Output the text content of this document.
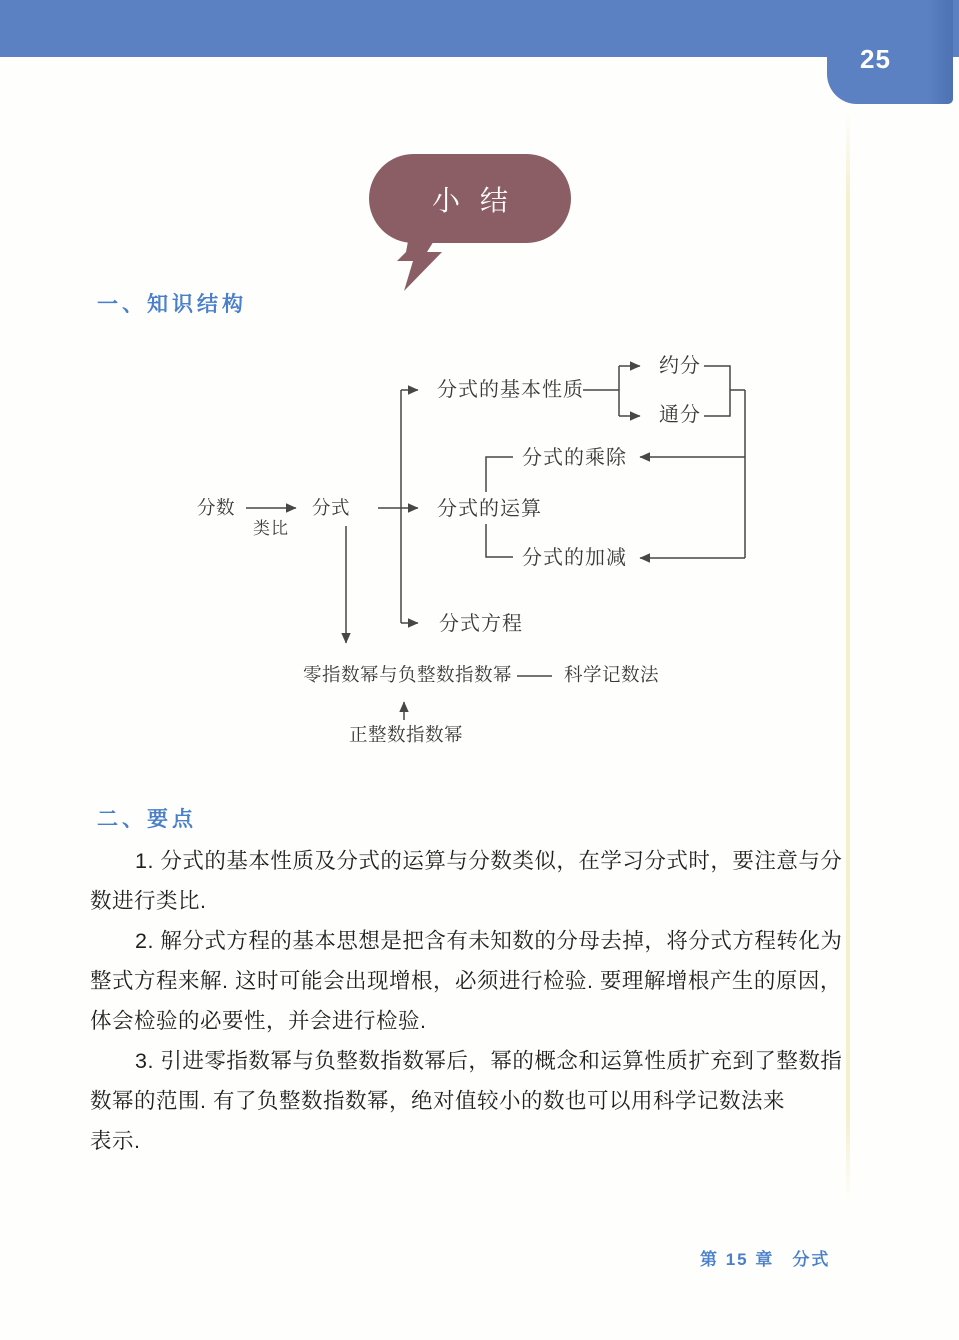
25
小结
一、知识结构
分数
类比
分式
分式的基本性质
约分
通分
分式的乘除
分式的运算
分式的加减
分式方程
零指数幂与负整数指数幂	科学记数法
正整数指数幂
二、要点
1. 分式的基本性质及分式的运算与分数类似，在学习分式时，要注意与分
数进行类比.
2. 解分式方程的基本思想是把含有未知数的分母去掉，将分式方程转化为
整式方程来解. 这时可能会出现增根，必须进行检验. 要理解增根产生的原因，
体会检验的必要性，并会进行检验.
3. 引进零指数幂与负整数指数幂后，幂的概念和运算性质扩充到了整数指
数幂的范围. 有了负整数指数幂，绝对值较小的数也可以用科学记数法来
表示.
第 15 章 分式
